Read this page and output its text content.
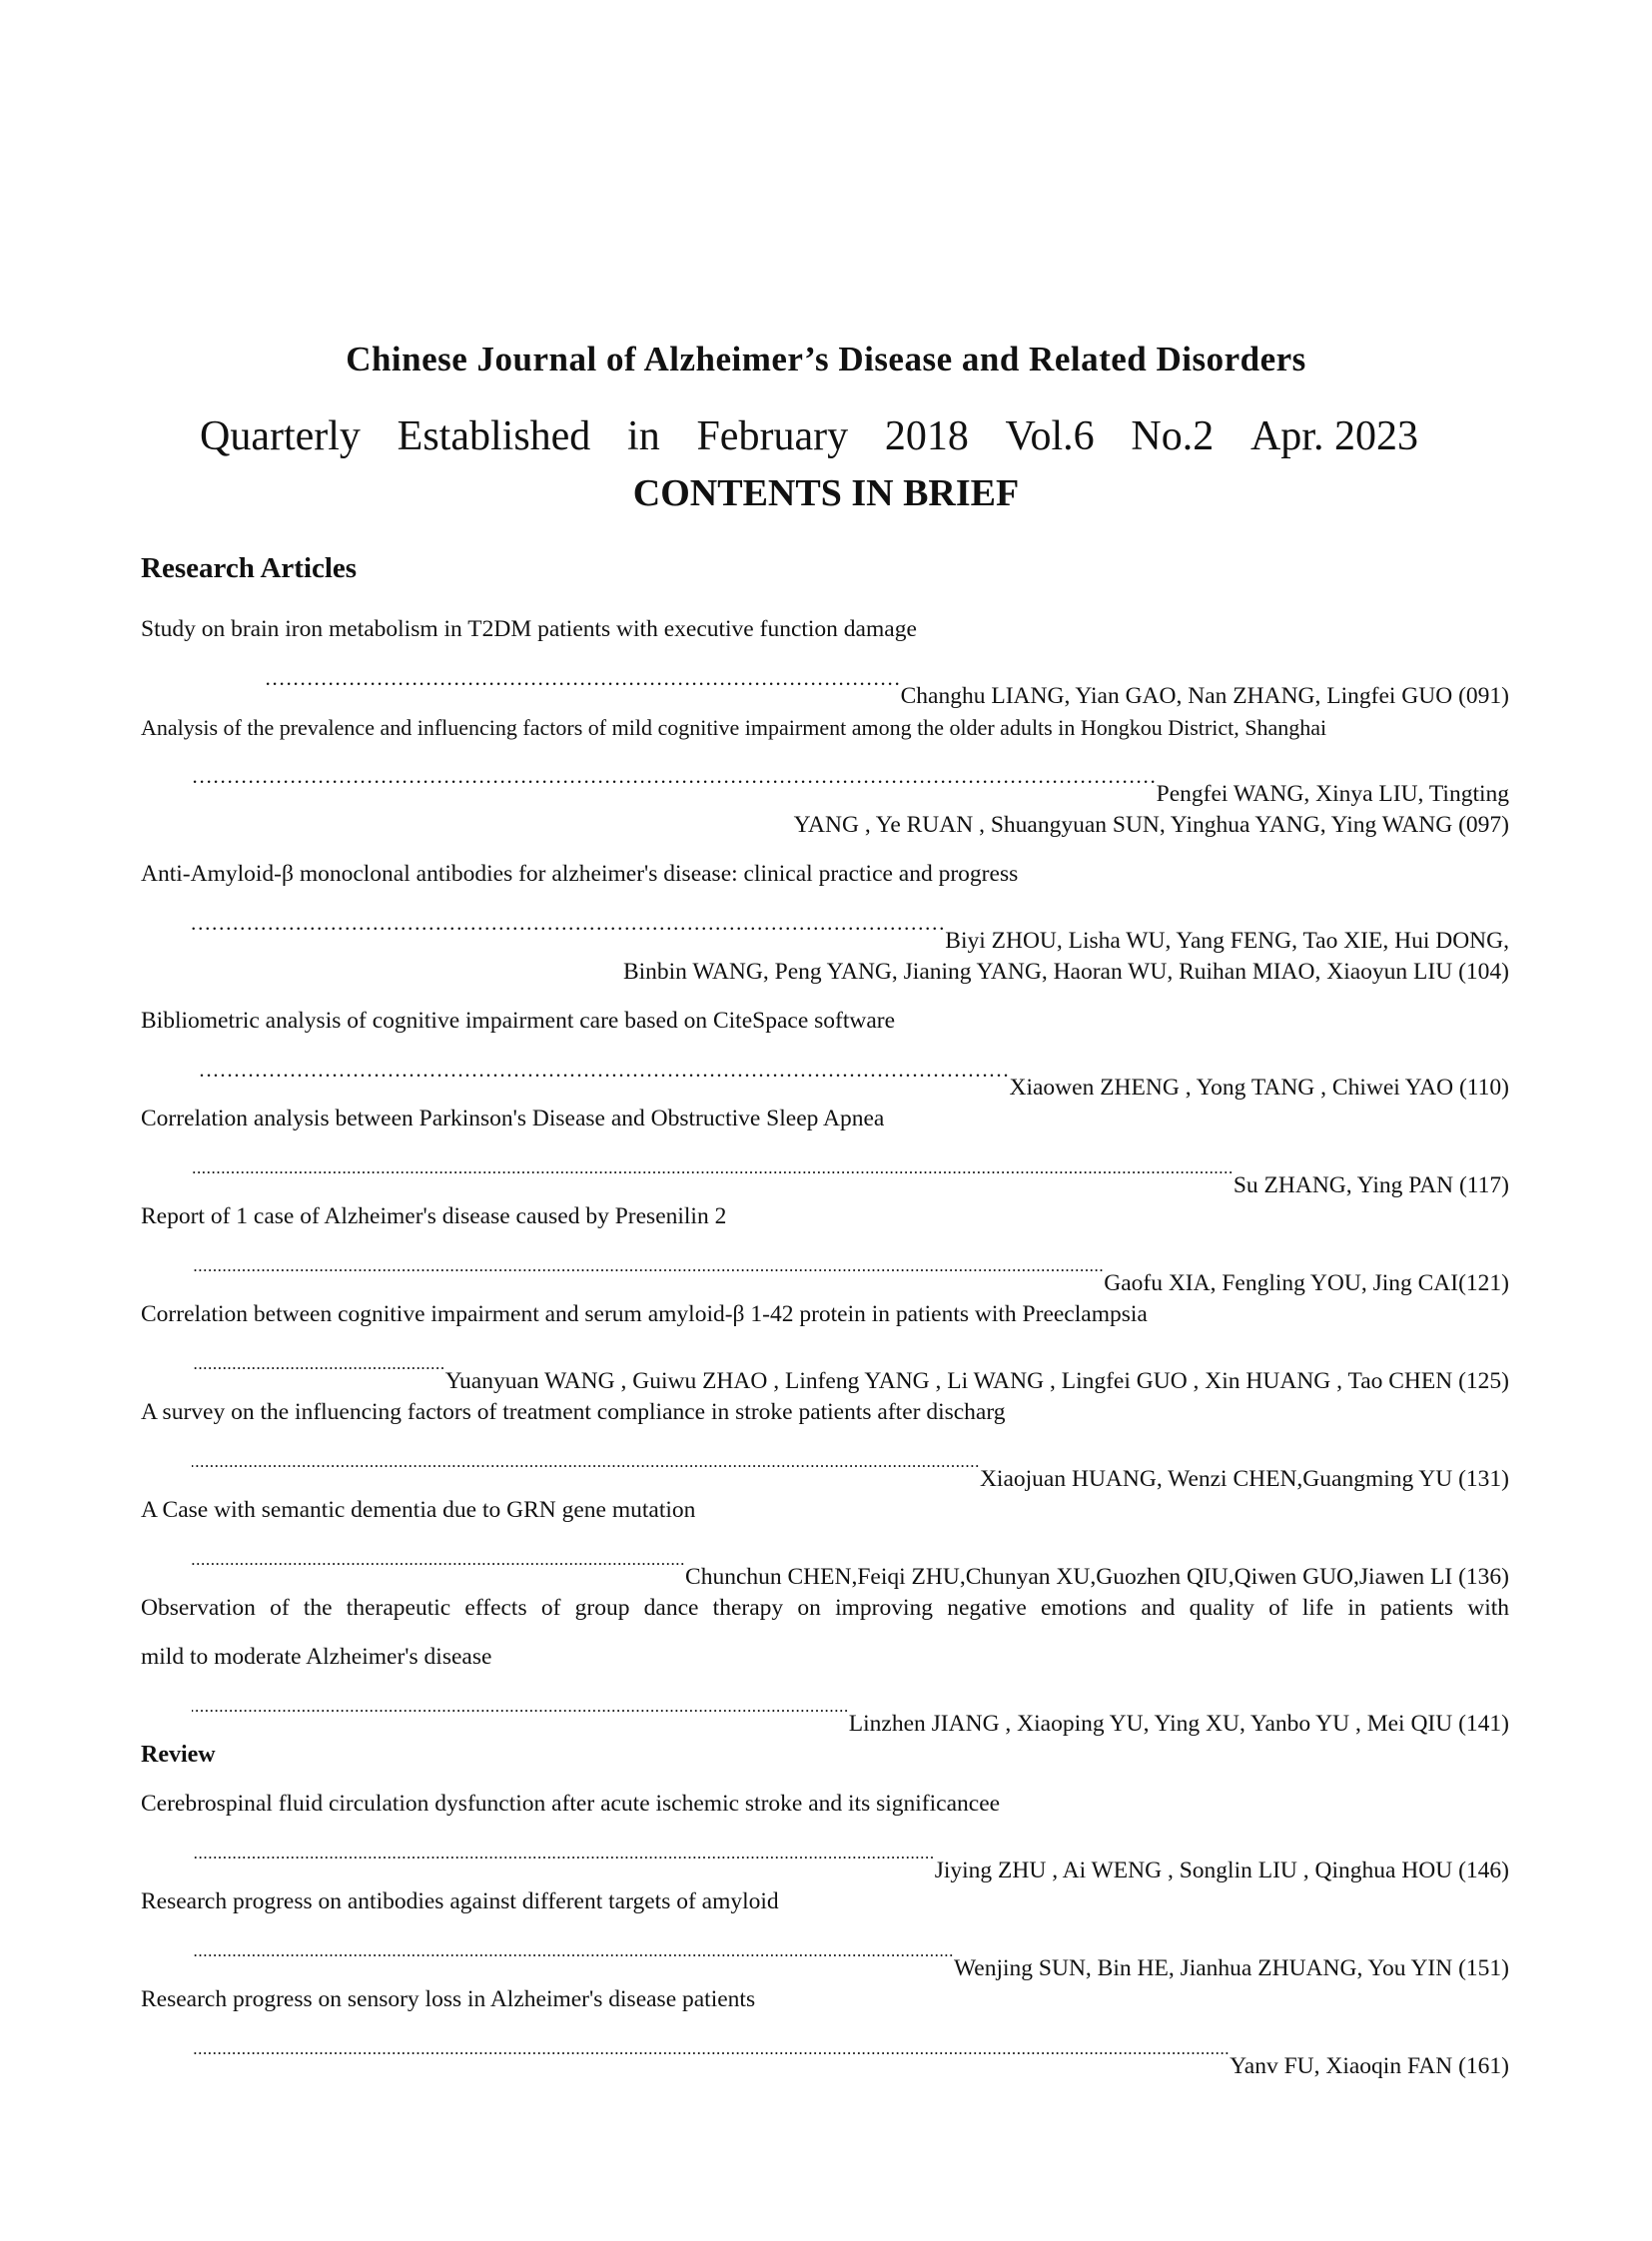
Chinese Journal of Alzheimer’s Disease and Related Disorders
Quarterly Established in February 2018 Vol.6 No.2 Apr. 2023
CONTENTS IN BRIEF
Research Articles
Study on brain iron metabolism in T2DM patients with executive function damage
………………………………………………………………………………………………………………………………………………………………………………………………………………
Changhu LIANG, Yian GAO, Nan ZHANG, Lingfei GUO (091)
Analysis of the prevalence and influencing factors of mild cognitive impairment among the older adults in Hongkou District, Shanghai
………………………………………………………………………………………………………………………………………………………………………………………………………………
Pengfei WANG, Xinya LIU, Tingting
YANG , Ye RUAN , Shuangyuan SUN, Yinghua YANG, Ying WANG (097)
Anti-Amyloid-β monoclonal antibodies for alzheimer's disease: clinical practice and progress
………………………………………………………………………………………………………………………………………………………………………………………………………………
Biyi ZHOU, Lisha WU, Yang FENG, Tao XIE, Hui DONG,
Binbin WANG, Peng YANG, Jianing YANG, Haoran WU, Ruihan MIAO, Xiaoyun LIU (104)
Bibliometric analysis of cognitive impairment care based on CiteSpace software
………………………………………………………………………………………………………………………………………………………………………………………………………………
Xiaowen ZHENG , Yong TANG , Chiwei YAO (110)
Correlation analysis between Parkinson's Disease and Obstructive Sleep Apnea
.....
Su ZHANG, Ying PAN (117)
Report of 1 case of Alzheimer's disease caused by Presenilin 2
.....
Gaofu XIA, Fengling YOU, Jing CAI(121)
Correlation between cognitive impairment and serum amyloid-β 1-42 protein in patients with Preeclampsia
.....
Yuanyuan WANG , Guiwu ZHAO , Linfeng YANG , Li WANG , Lingfei GUO , Xin HUANG , Tao CHEN (125)
A survey on the influencing factors of treatment compliance in stroke patients after discharg
.....
Xiaojuan HUANG, Wenzi CHEN,Guangming YU (131)
A Case with semantic dementia due to GRN gene mutation
.....
Chunchun CHEN,Feiqi ZHU,Chunyan XU,Guozhen QIU,Qiwen GUO,Jiawen LI (136)
Observation of the therapeutic effects of group dance therapy on improving negative emotions and quality of life in patients with
mild to moderate Alzheimer's disease
.....
Linzhen JIANG , Xiaoping YU, Ying XU, Yanbo YU , Mei QIU (141)
Review
Cerebrospinal fluid circulation dysfunction after acute ischemic stroke and its significancee
.....
Jiying ZHU , Ai WENG , Songlin LIU , Qinghua HOU (146)
Research progress on antibodies against different targets of amyloid
.....
Wenjing SUN, Bin HE, Jianhua ZHUANG, You YIN (151)
Research progress on sensory loss in Alzheimer's disease patients
.....
Yanv FU, Xiaoqin FAN (161)
